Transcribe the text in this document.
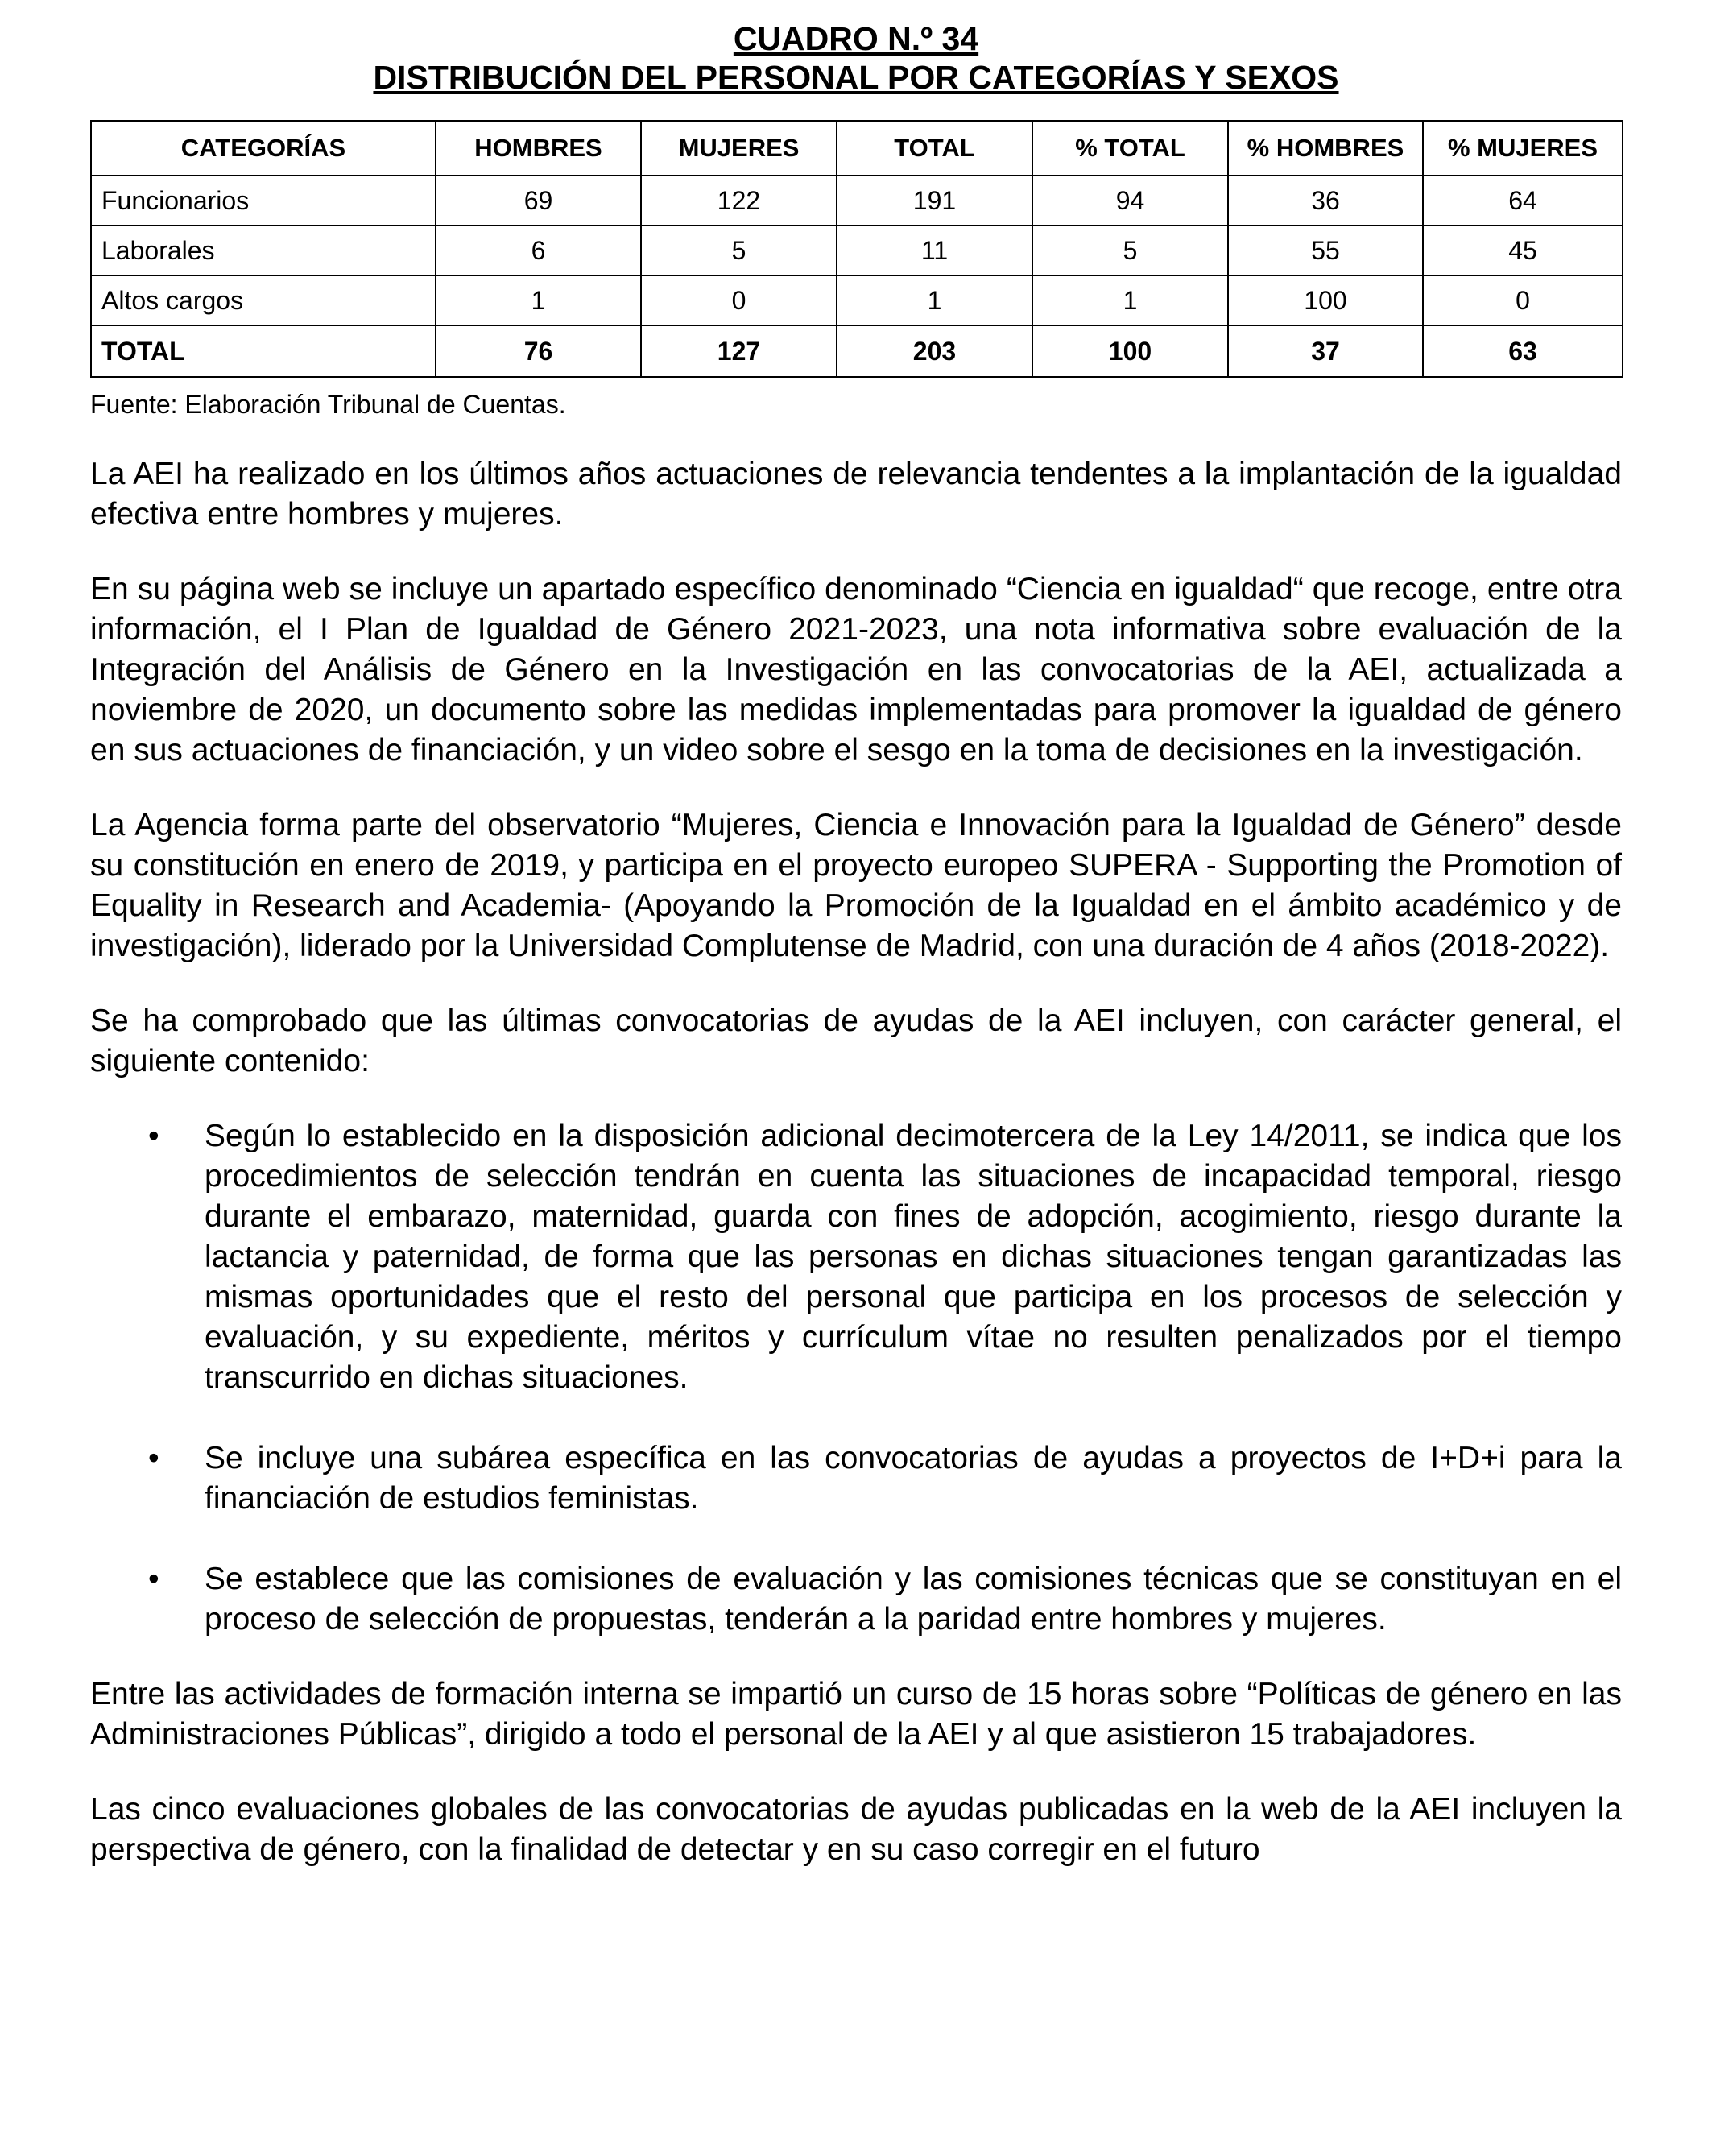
CUADRO N.º 34
DISTRIBUCIÓN DEL PERSONAL POR CATEGORÍAS Y SEXOS
CATEGORÍAS	HOMBRES	MUJERES	TOTAL	% TOTAL	% HOMBRES	% MUJERES
Funcionarios	69	122	191	94	36	64
Laborales	6	5	11	5	55	45
Altos cargos	1	0	1	1	100	0
TOTAL	76	127	203	100	37	63
Fuente: Elaboración Tribunal de Cuentas.

La AEI ha realizado en los últimos años actuaciones de relevancia tendentes a la implantación de la igualdad efectiva entre hombres y mujeres.

En su página web se incluye un apartado específico denominado “Ciencia en igualdad“ que recoge, entre otra información, el I Plan de Igualdad de Género 2021-2023, una nota informativa sobre evaluación de la Integración del Análisis de Género en la Investigación en las convocatorias de la AEI, actualizada a noviembre de 2020, un documento sobre las medidas implementadas para promover la igualdad de género en sus actuaciones de financiación, y un video sobre el sesgo en la toma de decisiones en la investigación.

La Agencia forma parte del observatorio “Mujeres, Ciencia e Innovación para la Igualdad de Género” desde su constitución en enero de 2019, y participa en el proyecto europeo SUPERA - Supporting the Promotion of Equality in Research and Academia- (Apoyando la Promoción de la Igualdad en el ámbito académico y de investigación), liderado por la Universidad Complutense de Madrid, con una duración de 4 años (2018-2022).

Se ha comprobado que las últimas convocatorias de ayudas de la AEI incluyen, con carácter general, el siguiente contenido:

• Según lo establecido en la disposición adicional decimotercera de la Ley 14/2011, se indica que los procedimientos de selección tendrán en cuenta las situaciones de incapacidad temporal, riesgo durante el embarazo, maternidad, guarda con fines de adopción, acogimiento, riesgo durante la lactancia y paternidad, de forma que las personas en dichas situaciones tengan garantizadas las mismas oportunidades que el resto del personal que participa en los procesos de selección y evaluación, y su expediente, méritos y currículum vítae no resulten penalizados por el tiempo transcurrido en dichas situaciones.
• Se incluye una subárea específica en las convocatorias de ayudas a proyectos de I+D+i para la financiación de estudios feministas.
• Se establece que las comisiones de evaluación y las comisiones técnicas que se constituyan en el proceso de selección de propuestas, tenderán a la paridad entre hombres y mujeres.

Entre las actividades de formación interna se impartió un curso de 15 horas sobre “Políticas de género en las Administraciones Públicas”, dirigido a todo el personal de la AEI y al que asistieron 15 trabajadores.

Las cinco evaluaciones globales de las convocatorias de ayudas publicadas en la web de la AEI incluyen la perspectiva de género, con la finalidad de detectar y en su caso corregir en el futuro
